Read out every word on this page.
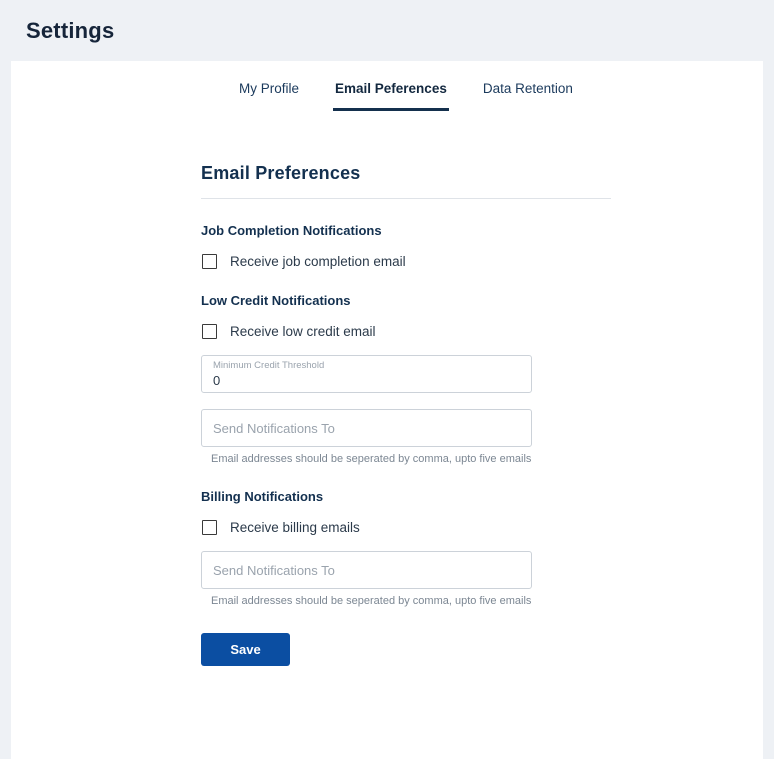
Settings
My Profile	Email Peferences	Data Retention
Email Preferences
Job Completion Notifications
Receive job completion email
Low Credit Notifications
Receive low credit email
Minimum Credit Threshold
0
Send Notifications To
Email addresses should be seperated by comma, upto five emails
Billing Notifications
Receive billing emails
Send Notifications To
Email addresses should be seperated by comma, upto five emails
Save
